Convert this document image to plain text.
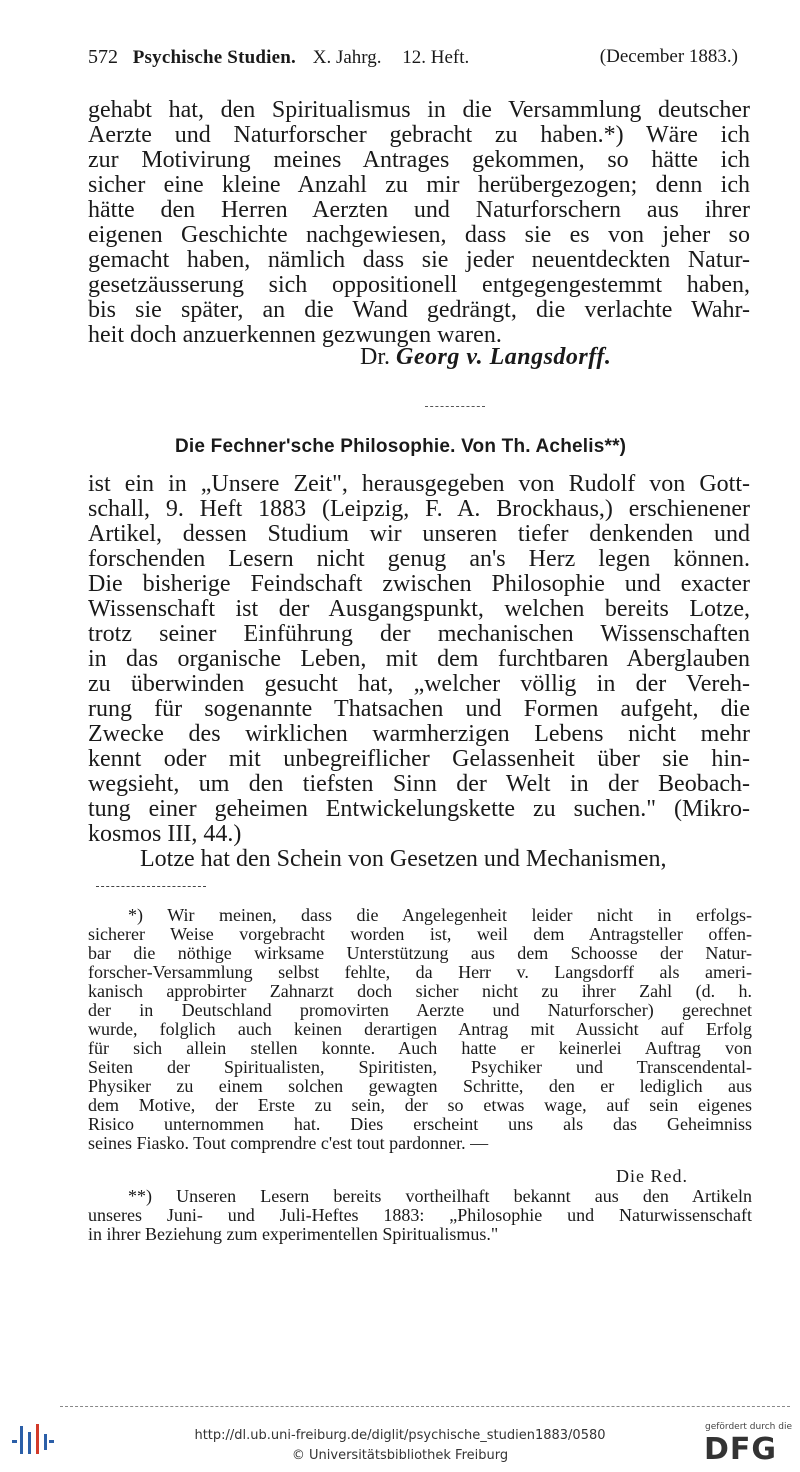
572 Psychische Studien. X. Jahrg. 12. Heft.	(December 1883.)
gehabt hat, den Spiritualismus in die Versammlung deutscher
Aerzte und Naturforscher gebracht zu haben.*) Wäre ich
zur Motivirung meines Antrages gekommen, so hätte ich
sicher eine kleine Anzahl zu mir herübergezogen; denn ich
hätte den Herren Aerzten und Naturforschern aus ihrer
eigenen Geschichte nachgewiesen, dass sie es von jeher so
gemacht haben, nämlich dass sie jeder neuentdeckten Natur-
gesetzäusserung sich oppositionell entgegengestemmt haben,
bis sie später, an die Wand gedrängt, die verlachte Wahr-
heit doch anzuerkennen gezwungen waren.
Dr. Georg v. Langsdorff.
Die Fechner'sche Philosophie. Von Th. Achelis**)
ist ein in „Unsere Zeit", herausgegeben von Rudolf von Gott-
schall, 9. Heft 1883 (Leipzig, F. A. Brockhaus,) erschienener
Artikel, dessen Studium wir unseren tiefer denkenden und
forschenden Lesern nicht genug an's Herz legen können.
Die bisherige Feindschaft zwischen Philosophie und exacter
Wissenschaft ist der Ausgangspunkt, welchen bereits Lotze,
trotz seiner Einführung der mechanischen Wissenschaften
in das organische Leben, mit dem furchtbaren Aberglauben
zu überwinden gesucht hat, „welcher völlig in der Vereh-
rung für sogenannte Thatsachen und Formen aufgeht, die
Zwecke des wirklichen warmherzigen Lebens nicht mehr
kennt oder mit unbegreiflicher Gelassenheit über sie hin-
wegsieht, um den tiefsten Sinn der Welt in der Beobach-
tung einer geheimen Entwickelungskette zu suchen." (Mikro-
kosmos III, 44.)
Lotze hat den Schein von Gesetzen und Mechanismen,
*) Wir meinen, dass die Angelegenheit leider nicht in erfolgs-
sicherer Weise vorgebracht worden ist, weil dem Antragsteller offen-
bar die nöthige wirksame Unterstützung aus dem Schoosse der Natur-
forscher-Versammlung selbst fehlte, da Herr v. Langsdorff als ameri-
kanisch approbirter Zahnarzt doch sicher nicht zu ihrer Zahl (d. h.
der in Deutschland promovirten Aerzte und Naturforscher) gerechnet
wurde, folglich auch keinen derartigen Antrag mit Aussicht auf Erfolg
für sich allein stellen konnte. Auch hatte er keinerlei Auftrag von
Seiten der Spiritualisten, Spiritisten, Psychiker und Transcendental-
Physiker zu einem solchen gewagten Schritte, den er lediglich aus
dem Motive, der Erste zu sein, der so etwas wage, auf sein eigenes
Risico unternommen hat. Dies erscheint uns als das Geheimniss
seines Fiasko. Tout comprendre c'est tout pardonner. —
Die Red.
**) Unseren Lesern bereits vortheilhaft bekannt aus den Artikeln
unseres Juni- und Juli-Heftes 1883: „Philosophie und Naturwissenschaft
in ihrer Beziehung zum experimentellen Spiritualismus."
http://dl.ub.uni-freiburg.de/diglit/psychische_studien1883/0580
© Universitätsbibliothek Freiburg
gefördert durch die
DFG
